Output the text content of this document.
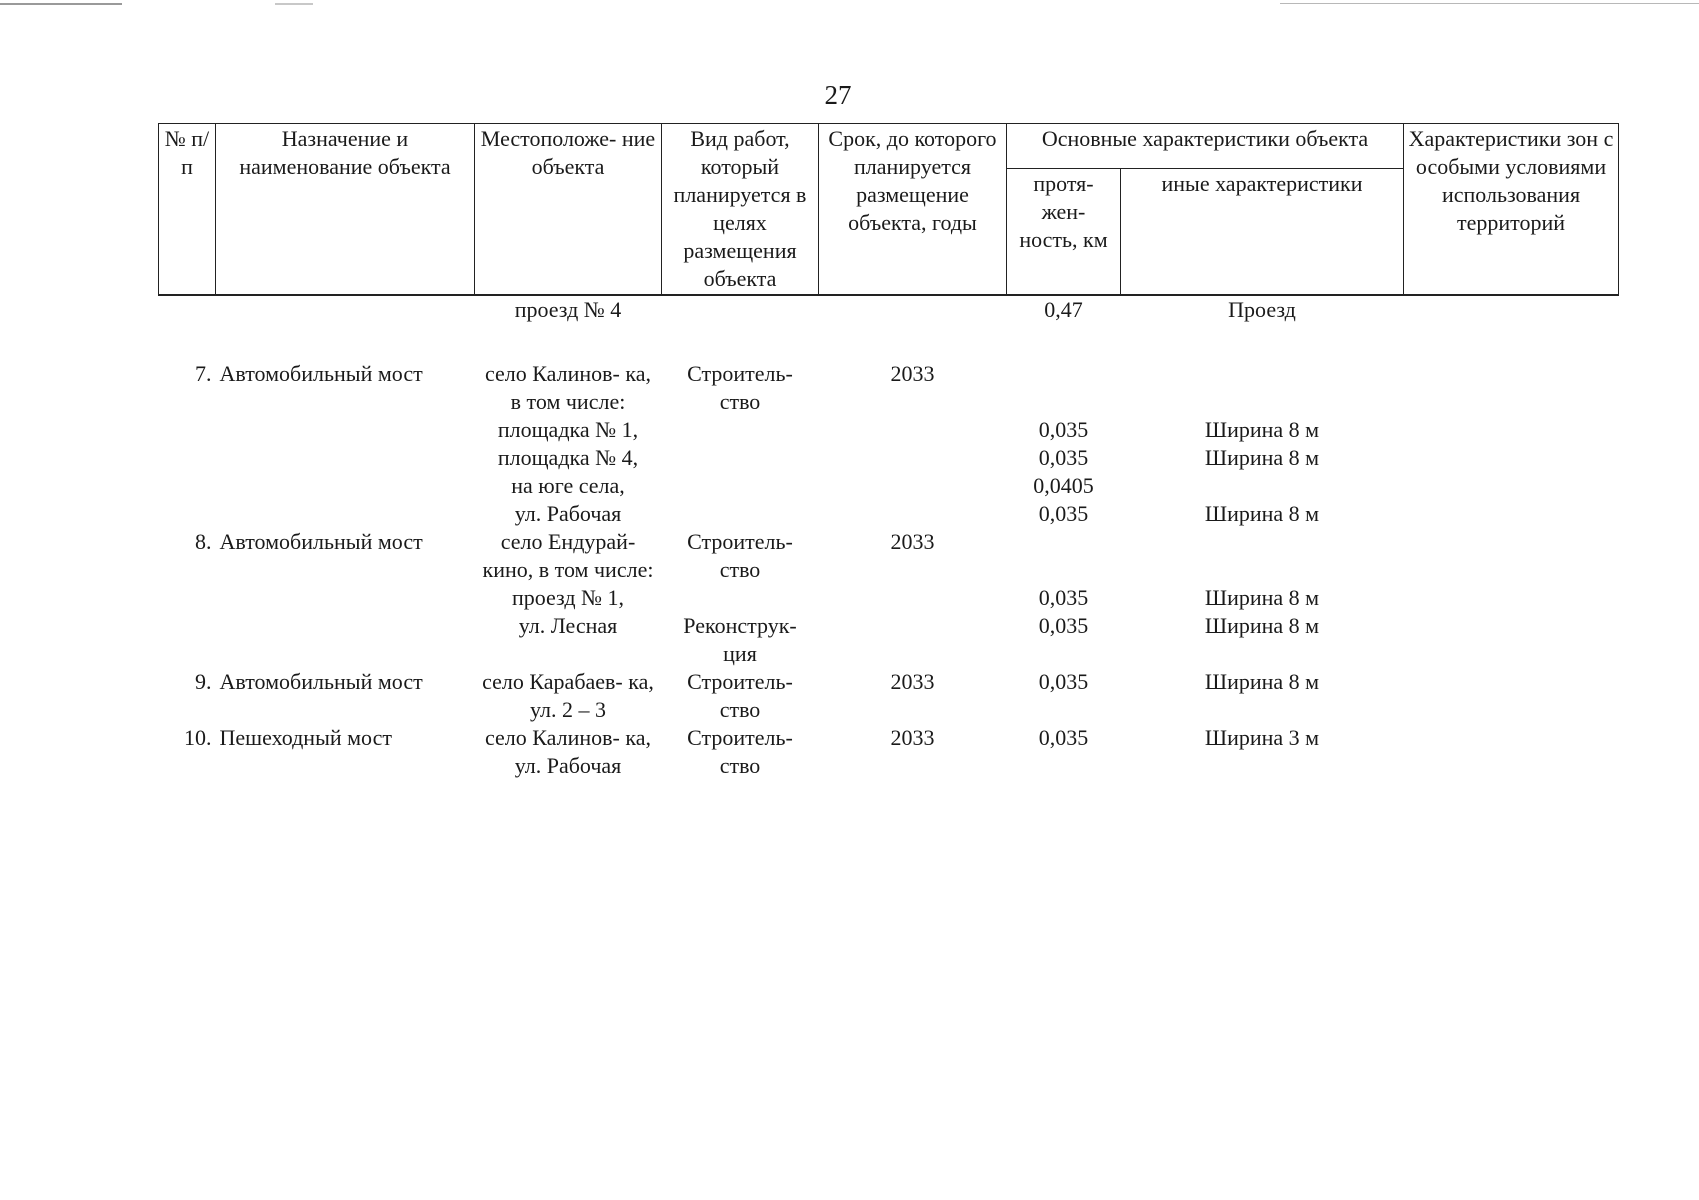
27
№ п/п	Назначение и наименование объекта	Местоположе- ние объекта	Вид работ, который планируется в целях размещения объекта	Срок, до которого планируется размещение объекта, годы	Основные характеристики объекта		Характеристики зон с особыми условиями использования территорий
					протя- жен- ность, км	иные характеристики	
		проезд № 4			0,47	Проезд	

7.	Автомобильный мост	село Калинов- ка, в том числе:	Строитель- ство	2033			
		площадка № 1,			0,035	Ширина 8 м	
		площадка № 4,			0,035	Ширина 8 м	
		на юге села,			0,0405		
		ул. Рабочая			0,035	Ширина 8 м	
8.	Автомобильный мост	село Ендурай- кино, в том числе:	Строитель- ство	2033			
		проезд № 1,			0,035	Ширина 8 м	
		ул. Лесная	Реконструк- ция		0,035	Ширина 8 м	
9.	Автомобильный мост	село Карабаев- ка, ул. 2 – 3	Строитель- ство	2033	0,035	Ширина 8 м	
10.	Пешеходный мост	село Калинов- ка, ул. Рабочая	Строитель- ство	2033	0,035	Ширина 3 м	
